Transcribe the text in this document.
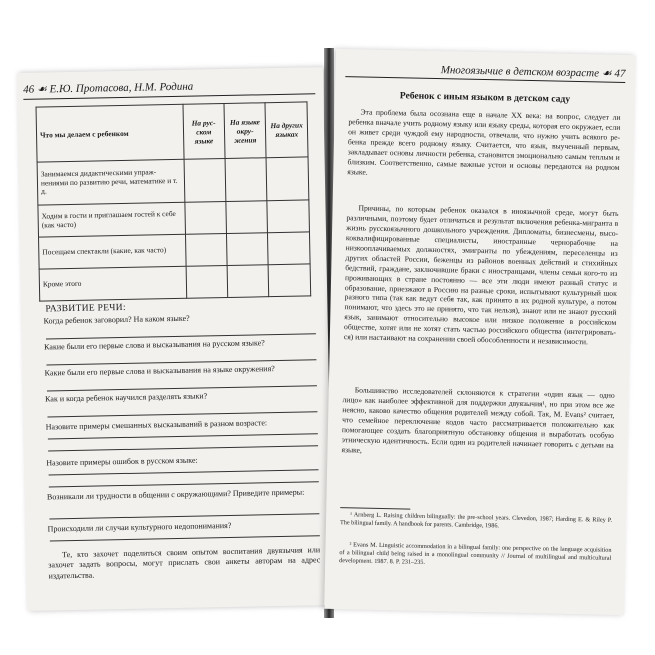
46 ☙ Е.Ю. Протасова, Н.М. Родина
Что мы делаем с ребенком	На русском языке	На языке окружения	На других языках
Занимаемся дидактическими упражнениями по развитию речи, математике и т. д.			
Ходим в гости и приглашаем гостей к себе (как часто)			
Посещаем спектакли (какие, как часто)			
Кроме этого			
РАЗВИТИЕ РЕЧИ:
Когда ребенок заговорил? На каком языке?
Какие были его первые слова и высказывания на русском языке?
Какие были его первые слова и высказывания на языке окружения?
Как и когда ребенок научился разделять языки?
Назовите примеры смешанных высказываний в разном возрасте:
Назовите примеры ошибок в русском языке:
Возникали ли трудности в общении с окружающими? Приведите примеры:
Происходили ли случаи культурного недопонимания?
Те, кто захочет поделиться своим опытом воспитания двуязычия или захочет задать вопросы, могут прислать свои анкеты авторам на адрес издательства.
Многоязычие в детском возрасте ☙ 47
Ребенок с иным языком в детском саду
Эта проблема была осознана еще в начале XX века: на вопрос, следует ли ребенка вначале учить родному языку или языку среды, которая его окружает, если он живет среди чуждой ему народности, отвечали, что нужно учить всякого ребенка прежде всего родному языку. Считается, что язык, выученный первым, закладывает основы личности ребенка, становится эмоционально самым теплым и близким. Соответственно, самые важные устои и основы передаются на родном языке.
Причины, по которым ребенок оказался в иноязычной среде, могут быть различными, поэтому будет отличаться и результат включения ребенка-мигранта в жизнь русскоязычного дошкольного учреждения. Дипломаты, бизнесмены, высококвалифицированные специалисты, иностранные чернорабочие на низкооплачиваемых должностях, эмигранты по убеждениям, переселенцы из других областей России, беженцы из районов военных действий и стихийных бедствий, граждане, заключившие браки с иностранцами, члены семьи кого-то из проживающих в стране постоянно — все эти люди имеют разный статус и образование, приезжают в Россию на разные сроки, испытывают культурный шок разного типа (так как ведут себя так, как принято в их родной культуре, а потом понимают, что здесь это не принято, что так нельзя), знают или не знают русский язык, занимают относительно высокое или низкое положение в российском обществе, хотят или не хотят стать частью российского общества (интегрироваться) или настаивают на сохранении своей обособленности и независимости.
Большинство исследователей склоняются к стратегии «один язык — одно лицо» как наиболее эффективной для поддержки двуязычия¹, но при этом все же неясно, каково качество общения родителей между собой. Так, M. Evans² считает, что семейное переключение кодов часто рассматривается положительно как помогающее создать благоприятную обстановку общения и выработать особую этническую идентичность. Если один из родителей начинает говорить с детьми на языке,
¹ Arnberg L. Raising children bilingually: the pre-school years. Clevedon, 1987; Harding E. & Riley P. The bilingual family. A handbook for parents. Cambridge, 1986.
² Evans M. Linguistic accommodation in a bilingual family: one perspective on the language acquisition of a bilingual child being raised in a monolingual community // Journal of multilingual and multicultural development. 1987. 8. P. 231–235.
